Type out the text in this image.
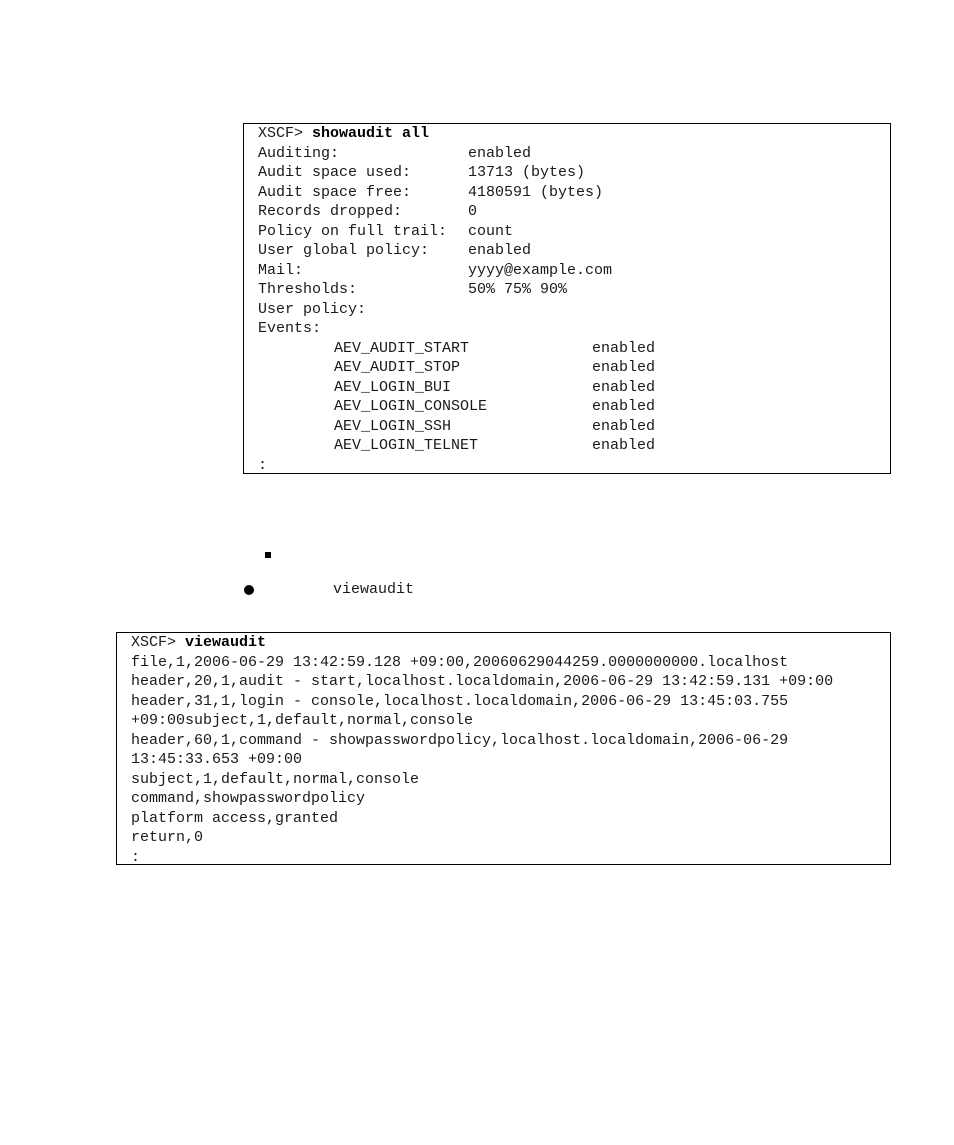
XSCF> showaudit all
Auditing:	enabled
Audit space used:	13713 (bytes)
Audit space free:	4180591 (bytes)
Records dropped:	0
Policy on full trail:	count
User global policy:	enabled
Mail:	yyyy@example.com
Thresholds:	50% 75% 90%
User policy:
Events:
AEV_AUDIT_START	enabled
AEV_AUDIT_STOP	enabled
AEV_LOGIN_BUI	enabled
AEV_LOGIN_CONSOLE	enabled
AEV_LOGIN_SSH	enabled
AEV_LOGIN_TELNET	enabled
:
viewaudit
XSCF> viewaudit
file,1,2006-06-29 13:42:59.128 +09:00,20060629044259.0000000000.localhost
header,20,1,audit - start,localhost.localdomain,2006-06-29 13:42:59.131 +09:00
header,31,1,login - console,localhost.localdomain,2006-06-29 13:45:03.755
+09:00subject,1,default,normal,console
header,60,1,command - showpasswordpolicy,localhost.localdomain,2006-06-29
13:45:33.653 +09:00
subject,1,default,normal,console
command,showpasswordpolicy
platform access,granted
return,0
:
